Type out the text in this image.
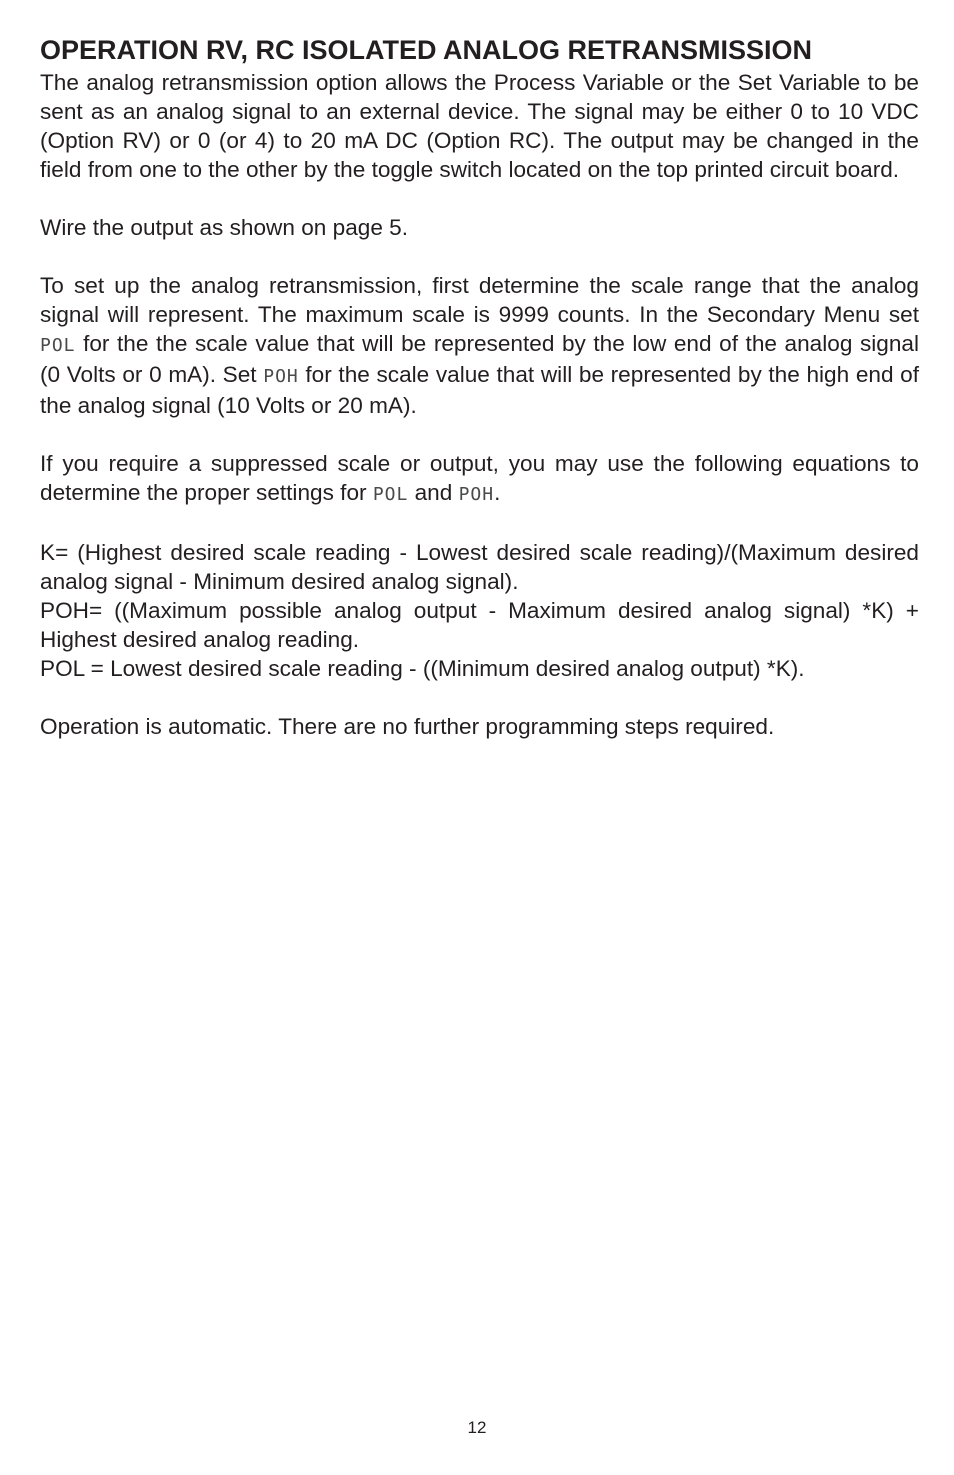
OPERATION RV, RC ISOLATED ANALOG RETRANSMISSION

The analog retransmission option allows the Process Variable or the Set Variable to be sent as an analog signal to an external device. The signal may be either 0 to 10 VDC (Option RV) or 0 (or 4) to 20 mA DC (Option RC). The output may be changed in the field from one to the other by the toggle switch located on the top printed circuit board.

Wire the output as shown on page 5.

To set up the analog retransmission, first determine the scale range that the analog signal will represent. The maximum scale is 9999 counts. In the Secondary Menu set POL for the the scale value that will be represented by the low end of the analog signal (0 Volts or 0 mA). Set POH for the scale value that will be represented by the high end of the analog signal (10 Volts or 20 mA).

If you require a suppressed scale or output, you may use the following equations to determine the proper settings for POL and POH.

K= (Highest desired scale reading - Lowest desired scale reading)/(Maximum desired analog signal - Minimum desired analog signal).

POH= ((Maximum possible analog output - Maximum desired analog signal) *K) + Highest desired analog reading.

POL = Lowest desired scale reading - ((Minimum desired analog output) *K).

Operation is automatic. There are no further programming steps required.

12
